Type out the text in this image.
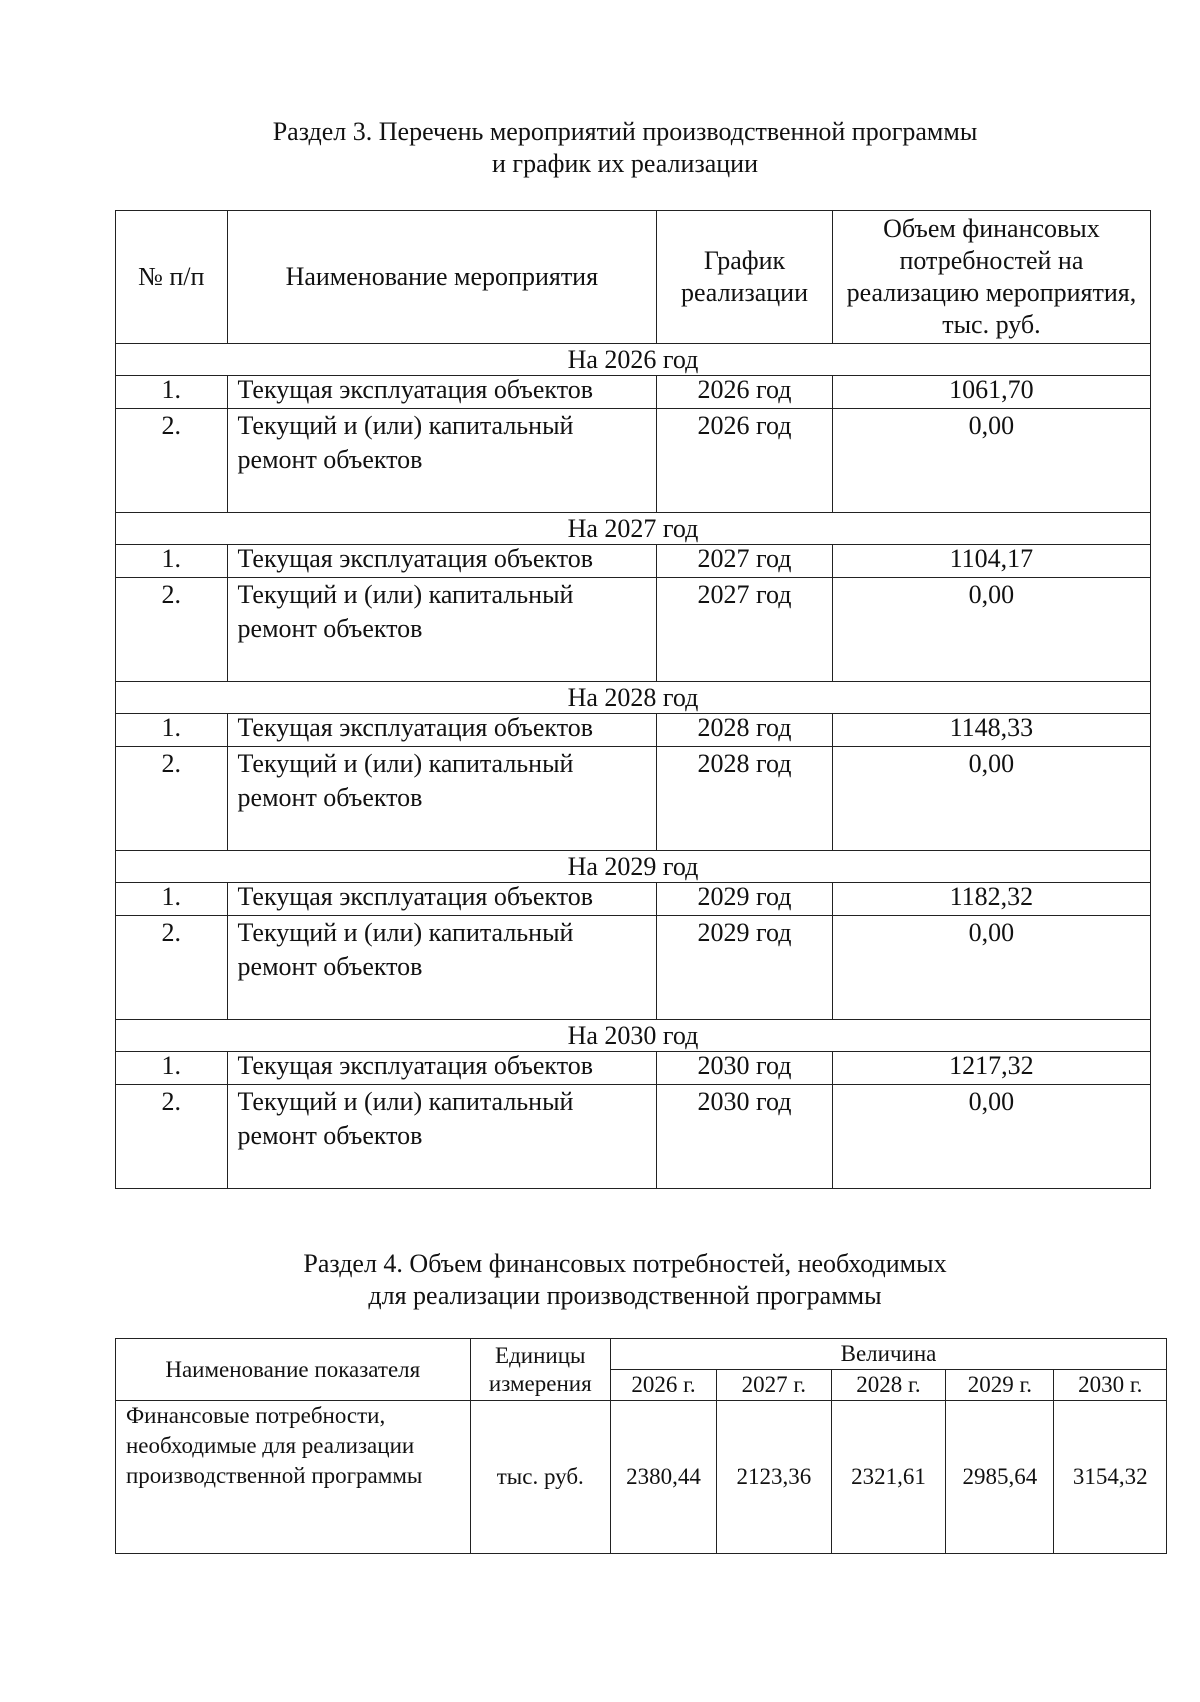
Раздел 3. Перечень мероприятий производственной программы
и график их реализации
№ п/п	Наименование мероприятия	График реализации	Объем финансовых потребностей на реализацию мероприятия, тыс. руб.
На 2026 год			
1.	Текущая эксплуатация объектов	2026 год	1061,70
2.	Текущий и (или) капитальный ремонт объектов	2026 год	0,00
На 2027 год			
1.	Текущая эксплуатация объектов	2027 год	1104,17
2.	Текущий и (или) капитальный ремонт объектов	2027 год	0,00
На 2028 год			
1.	Текущая эксплуатация объектов	2028 год	1148,33
2.	Текущий и (или) капитальный ремонт объектов	2028 год	0,00
На 2029 год			
1.	Текущая эксплуатация объектов	2029 год	1182,32
2.	Текущий и (или) капитальный ремонт объектов	2029 год	0,00
На 2030 год			
1.	Текущая эксплуатация объектов	2030 год	1217,32
2.	Текущий и (или) капитальный ремонт объектов	2030 год	0,00
Раздел 4. Объем финансовых потребностей, необходимых
для реализации производственной программы
Наименование показателя	Единицы измерения	Величина				
		2026 г.	2027 г.	2028 г.	2029 г.	2030 г.
Финансовые потребности, необходимые для реализации производственной программы	тыс. руб.	2380,44	2123,36	2321,61	2985,64	3154,32
